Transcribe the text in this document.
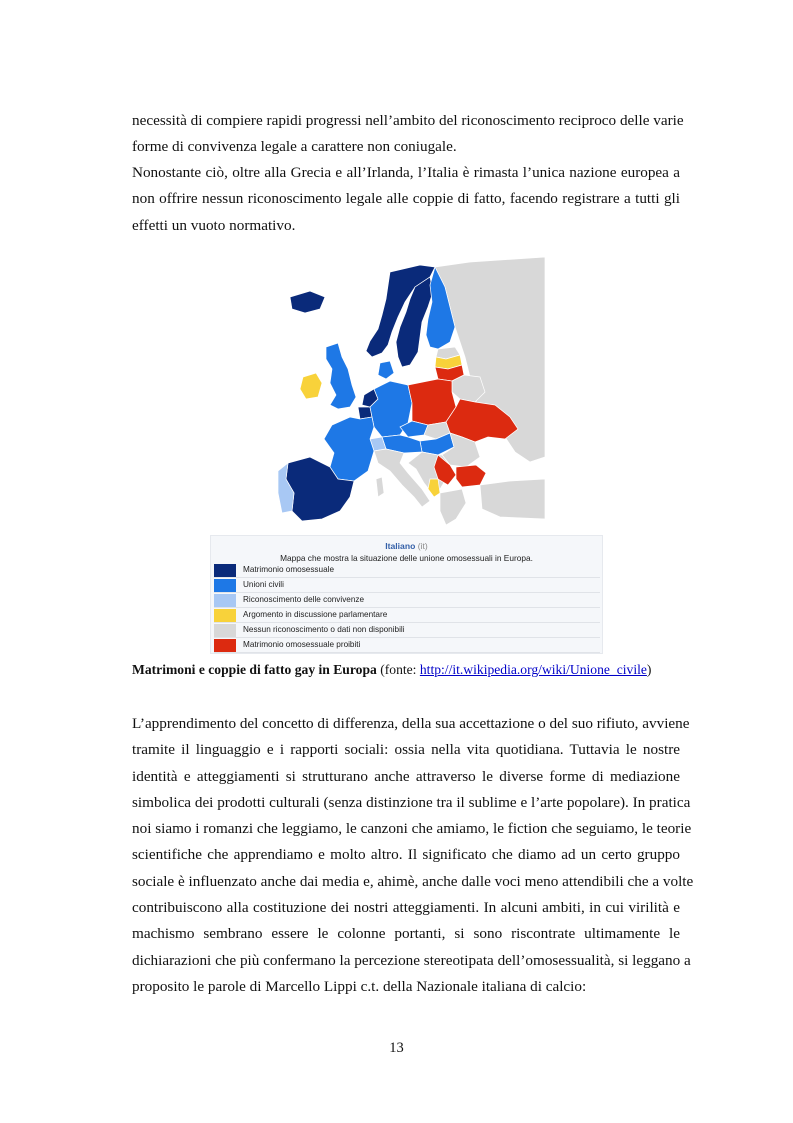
necessità di compiere rapidi progressi nell’ambito del riconoscimento reciproco delle varie
forme di convivenza legale a carattere non coniugale.

Nonostante ciò, oltre alla Grecia e all’Irlanda, l’Italia è rimasta l’unica nazione europea a
non offrire nessun riconoscimento legale alle coppie di fatto, facendo registrare a tutti gli
effetti un vuoto normativo.

Italiano (it)
Mappa che mostra la situazione delle unione omosessuali in Europa.
Matrimonio omosessuale
Unioni civili
Riconoscimento delle convivenze
Argomento in discussione parlamentare
Nessun riconoscimento o dati non disponibili
Matrimonio omosessuale proibiti
Matrimoni e coppie di fatto gay in Europa (fonte: http://it.wikipedia.org/wiki/Unione_civile)

L’apprendimento del concetto di differenza, della sua accettazione o del suo rifiuto, avviene
tramite il linguaggio e i rapporti sociali: ossia nella vita quotidiana. Tuttavia le nostre
identità e atteggiamenti si strutturano anche attraverso le diverse forme di mediazione
simbolica dei prodotti culturali (senza distinzione tra il sublime e l’arte popolare). In pratica
noi siamo i romanzi che leggiamo, le canzoni che amiamo, le fiction che seguiamo, le teorie
scientifiche che apprendiamo e molto altro. Il significato che diamo ad un certo gruppo
sociale è influenzato anche dai media e, ahimè, anche dalle voci meno attendibili che a volte
contribuiscono alla costituzione dei nostri atteggiamenti. In alcuni ambiti, in cui virilità e
machismo sembrano essere le colonne portanti, si sono riscontrate ultimamente le
dichiarazioni che più confermano la percezione stereotipata dell’omosessualità, si leggano a
proposito le parole di Marcello Lippi c.t. della Nazionale italiana di calcio:

13
